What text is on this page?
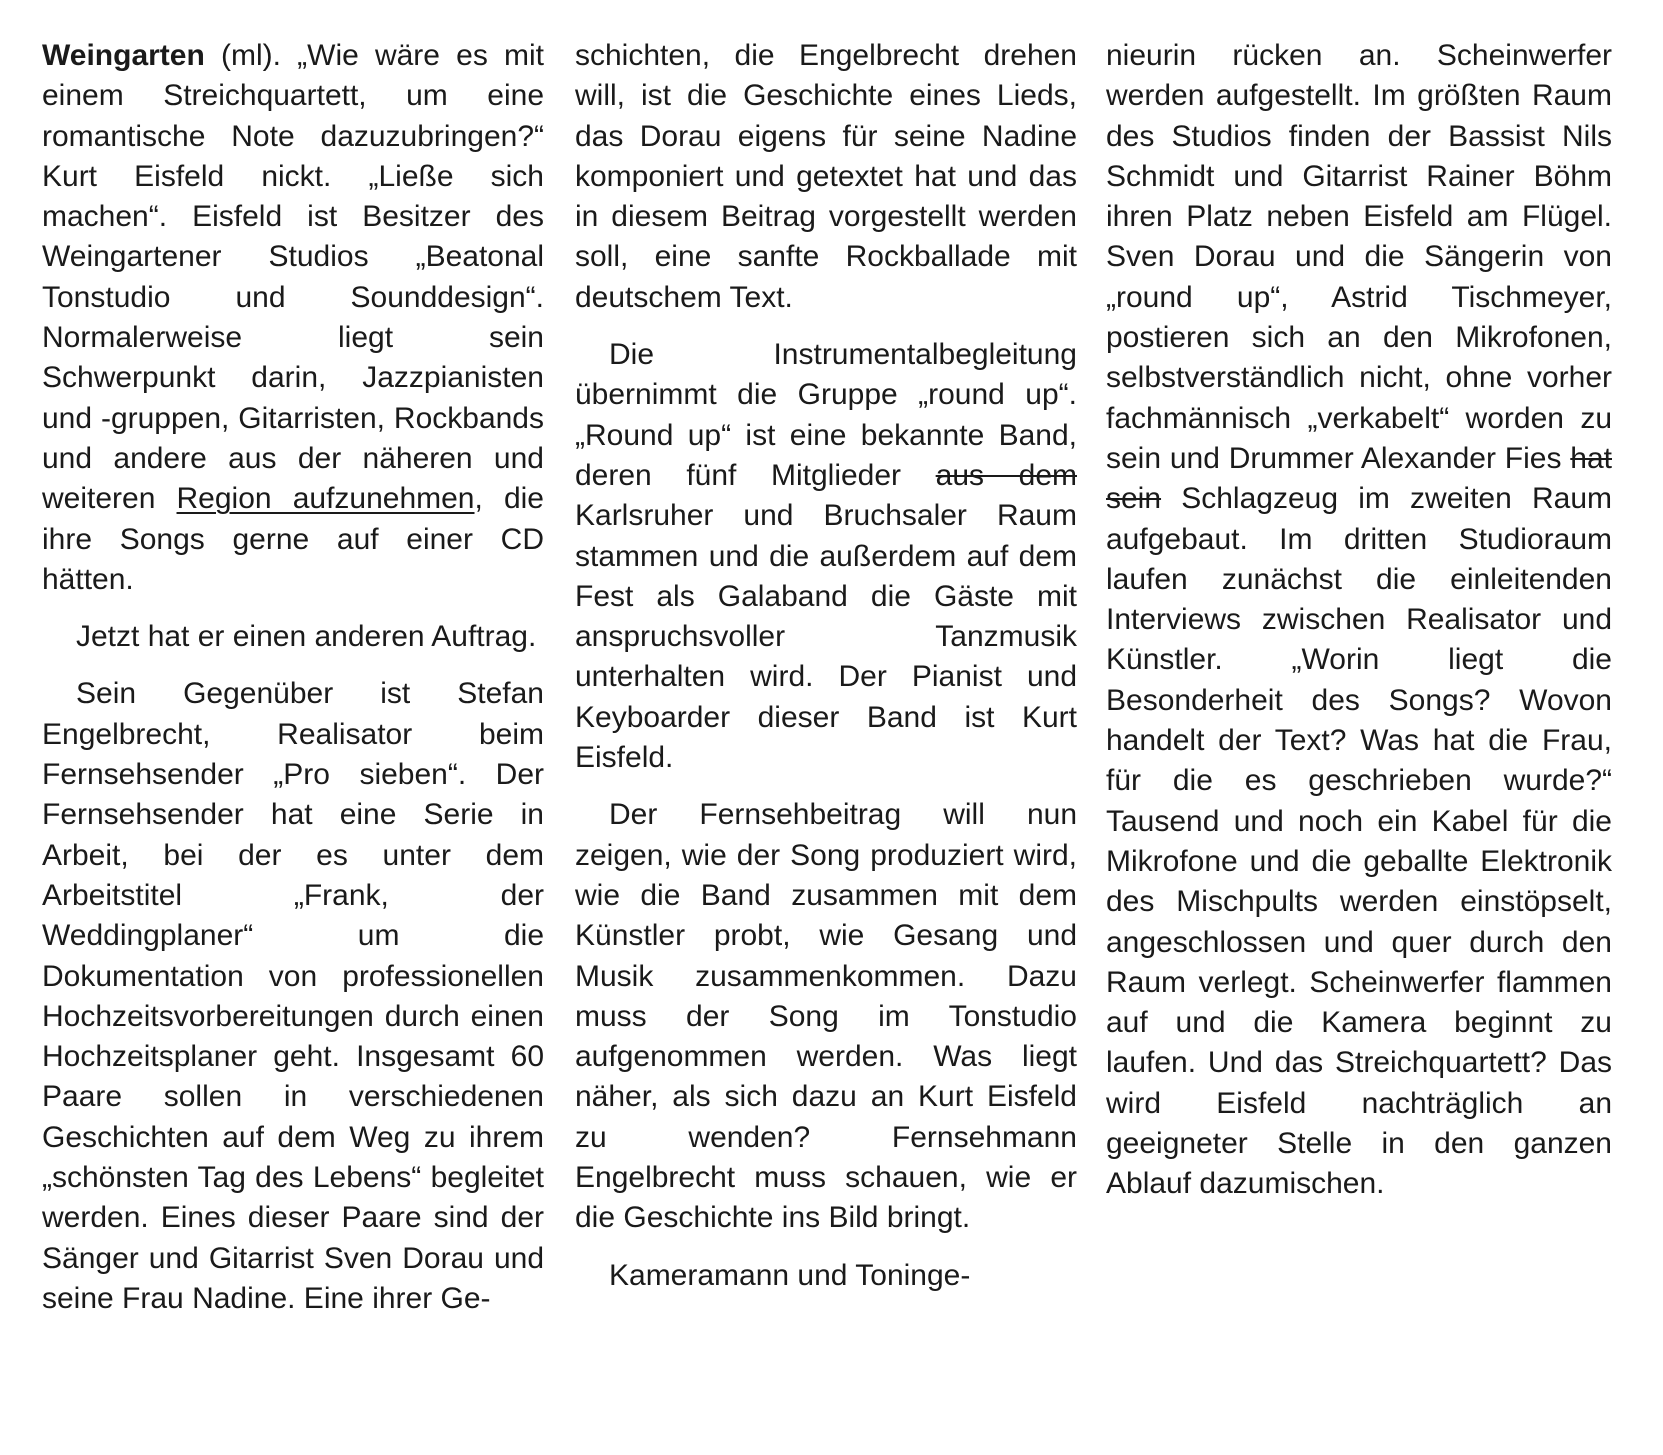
Weingarten (ml). „Wie wäre es mit einem Streichquartett, um eine romantische Note dazuzubringen?“ Kurt Eisfeld nickt. „Ließe sich machen“. Eisfeld ist Besitzer des Weingartener Studios „Beatonal Tonstudio und Sounddesign“. Normalerweise liegt sein Schwerpunkt darin, Jazzpianisten und -gruppen, Gitarristen, Rockbands und andere aus der näheren und weiteren Region aufzunehmen, die ihre Songs gerne auf einer CD hätten.

Jetzt hat er einen anderen Auftrag.

Sein Gegenüber ist Stefan Engelbrecht, Realisator beim Fernsehsender „Pro sieben“. Der Fernsehsender hat eine Serie in Arbeit, bei der es unter dem Arbeitstitel „Frank, der Weddingplaner“ um die Dokumentation von professionellen Hochzeitsvorbereitungen durch einen Hochzeitsplaner geht. Insgesamt 60 Paare sollen in verschiedenen Geschichten auf dem Weg zu ihrem „schönsten Tag des Lebens“ begleitet werden. Eines dieser Paare sind der Sänger und Gitarrist Sven Dorau und seine Frau Nadine. Eine ihrer Ge-

schichten, die Engelbrecht drehen will, ist die Geschichte eines Lieds, das Dorau eigens für seine Nadine komponiert und getextet hat und das in diesem Beitrag vorgestellt werden soll, eine sanfte Rockballade mit deutschem Text.

Die Instrumentalbegleitung übernimmt die Gruppe „round up“. „Round up“ ist eine bekannte Band, deren fünf Mitglieder aus dem Karlsruher und Bruchsaler Raum stammen und die außerdem auf dem Fest als Galaband die Gäste mit anspruchsvoller Tanzmusik unterhalten wird. Der Pianist und Keyboarder dieser Band ist Kurt Eisfeld.

Der Fernsehbeitrag will nun zeigen, wie der Song produziert wird, wie die Band zusammen mit dem Künstler probt, wie Gesang und Musik zusammenkommen. Dazu muss der Song im Tonstudio aufgenommen werden. Was liegt näher, als sich dazu an Kurt Eisfeld zu wenden? Fernsehmann Engelbrecht muss schauen, wie er die Geschichte ins Bild bringt.

Kameramann und Toninge-

nieurin rücken an. Scheinwerfer werden aufgestellt. Im größten Raum des Studios finden der Bassist Nils Schmidt und Gitarrist Rainer Böhm ihren Platz neben Eisfeld am Flügel. Sven Dorau und die Sängerin von „round up“, Astrid Tischmeyer, postieren sich an den Mikrofonen, selbstverständlich nicht, ohne vorher fachmännisch „verkabelt“ worden zu sein und Drummer Alexander Fies hat sein Schlagzeug im zweiten Raum aufgebaut. Im dritten Studioraum laufen zunächst die einleitenden Interviews zwischen Realisator und Künstler. „Worin liegt die Besonderheit des Songs? Wovon handelt der Text? Was hat die Frau, für die es geschrieben wurde?“ Tausend und noch ein Kabel für die Mikrofone und die geballte Elektronik des Mischpults werden einstöpselt, angeschlossen und quer durch den Raum verlegt. Scheinwerfer flammen auf und die Kamera beginnt zu laufen. Und das Streichquartett? Das wird Eisfeld nachträglich an geeigneter Stelle in den ganzen Ablauf dazumischen.
